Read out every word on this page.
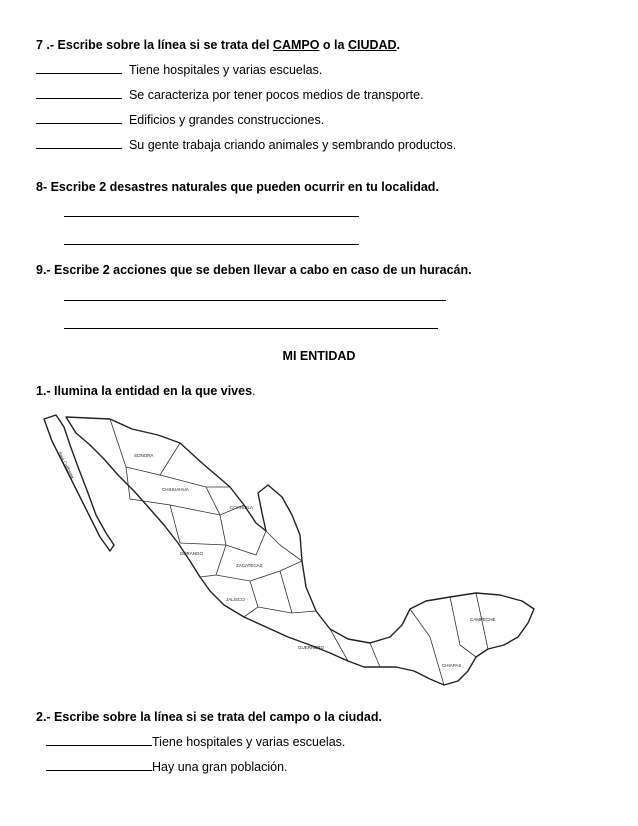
7 .- Escribe sobre la línea si se trata del CAMPO o la CIUDAD.
Tiene hospitales y varias escuelas.
Se caracteriza por tener pocos medios de transporte.
Edificios y grandes construcciones.
Su gente trabaja criando animales y sembrando productos.
8- Escribe 2 desastres naturales que pueden ocurrir en tu localidad.
9.- Escribe 2 acciones que se deben llevar a cabo en caso de un huracán.
MI ENTIDAD
1.- Ilumina la entidad en la que vives.
Baja California	SONORA
CHIHUAHUA
COAHUILA
DURANGO
ZACATECAS
JALISCO
GUERRERO
CAMPECHE
CHIAPAS
2.- Escribe sobre la línea si se trata del campo o la ciudad.
Tiene hospitales y varias escuelas.
Hay una gran población.
